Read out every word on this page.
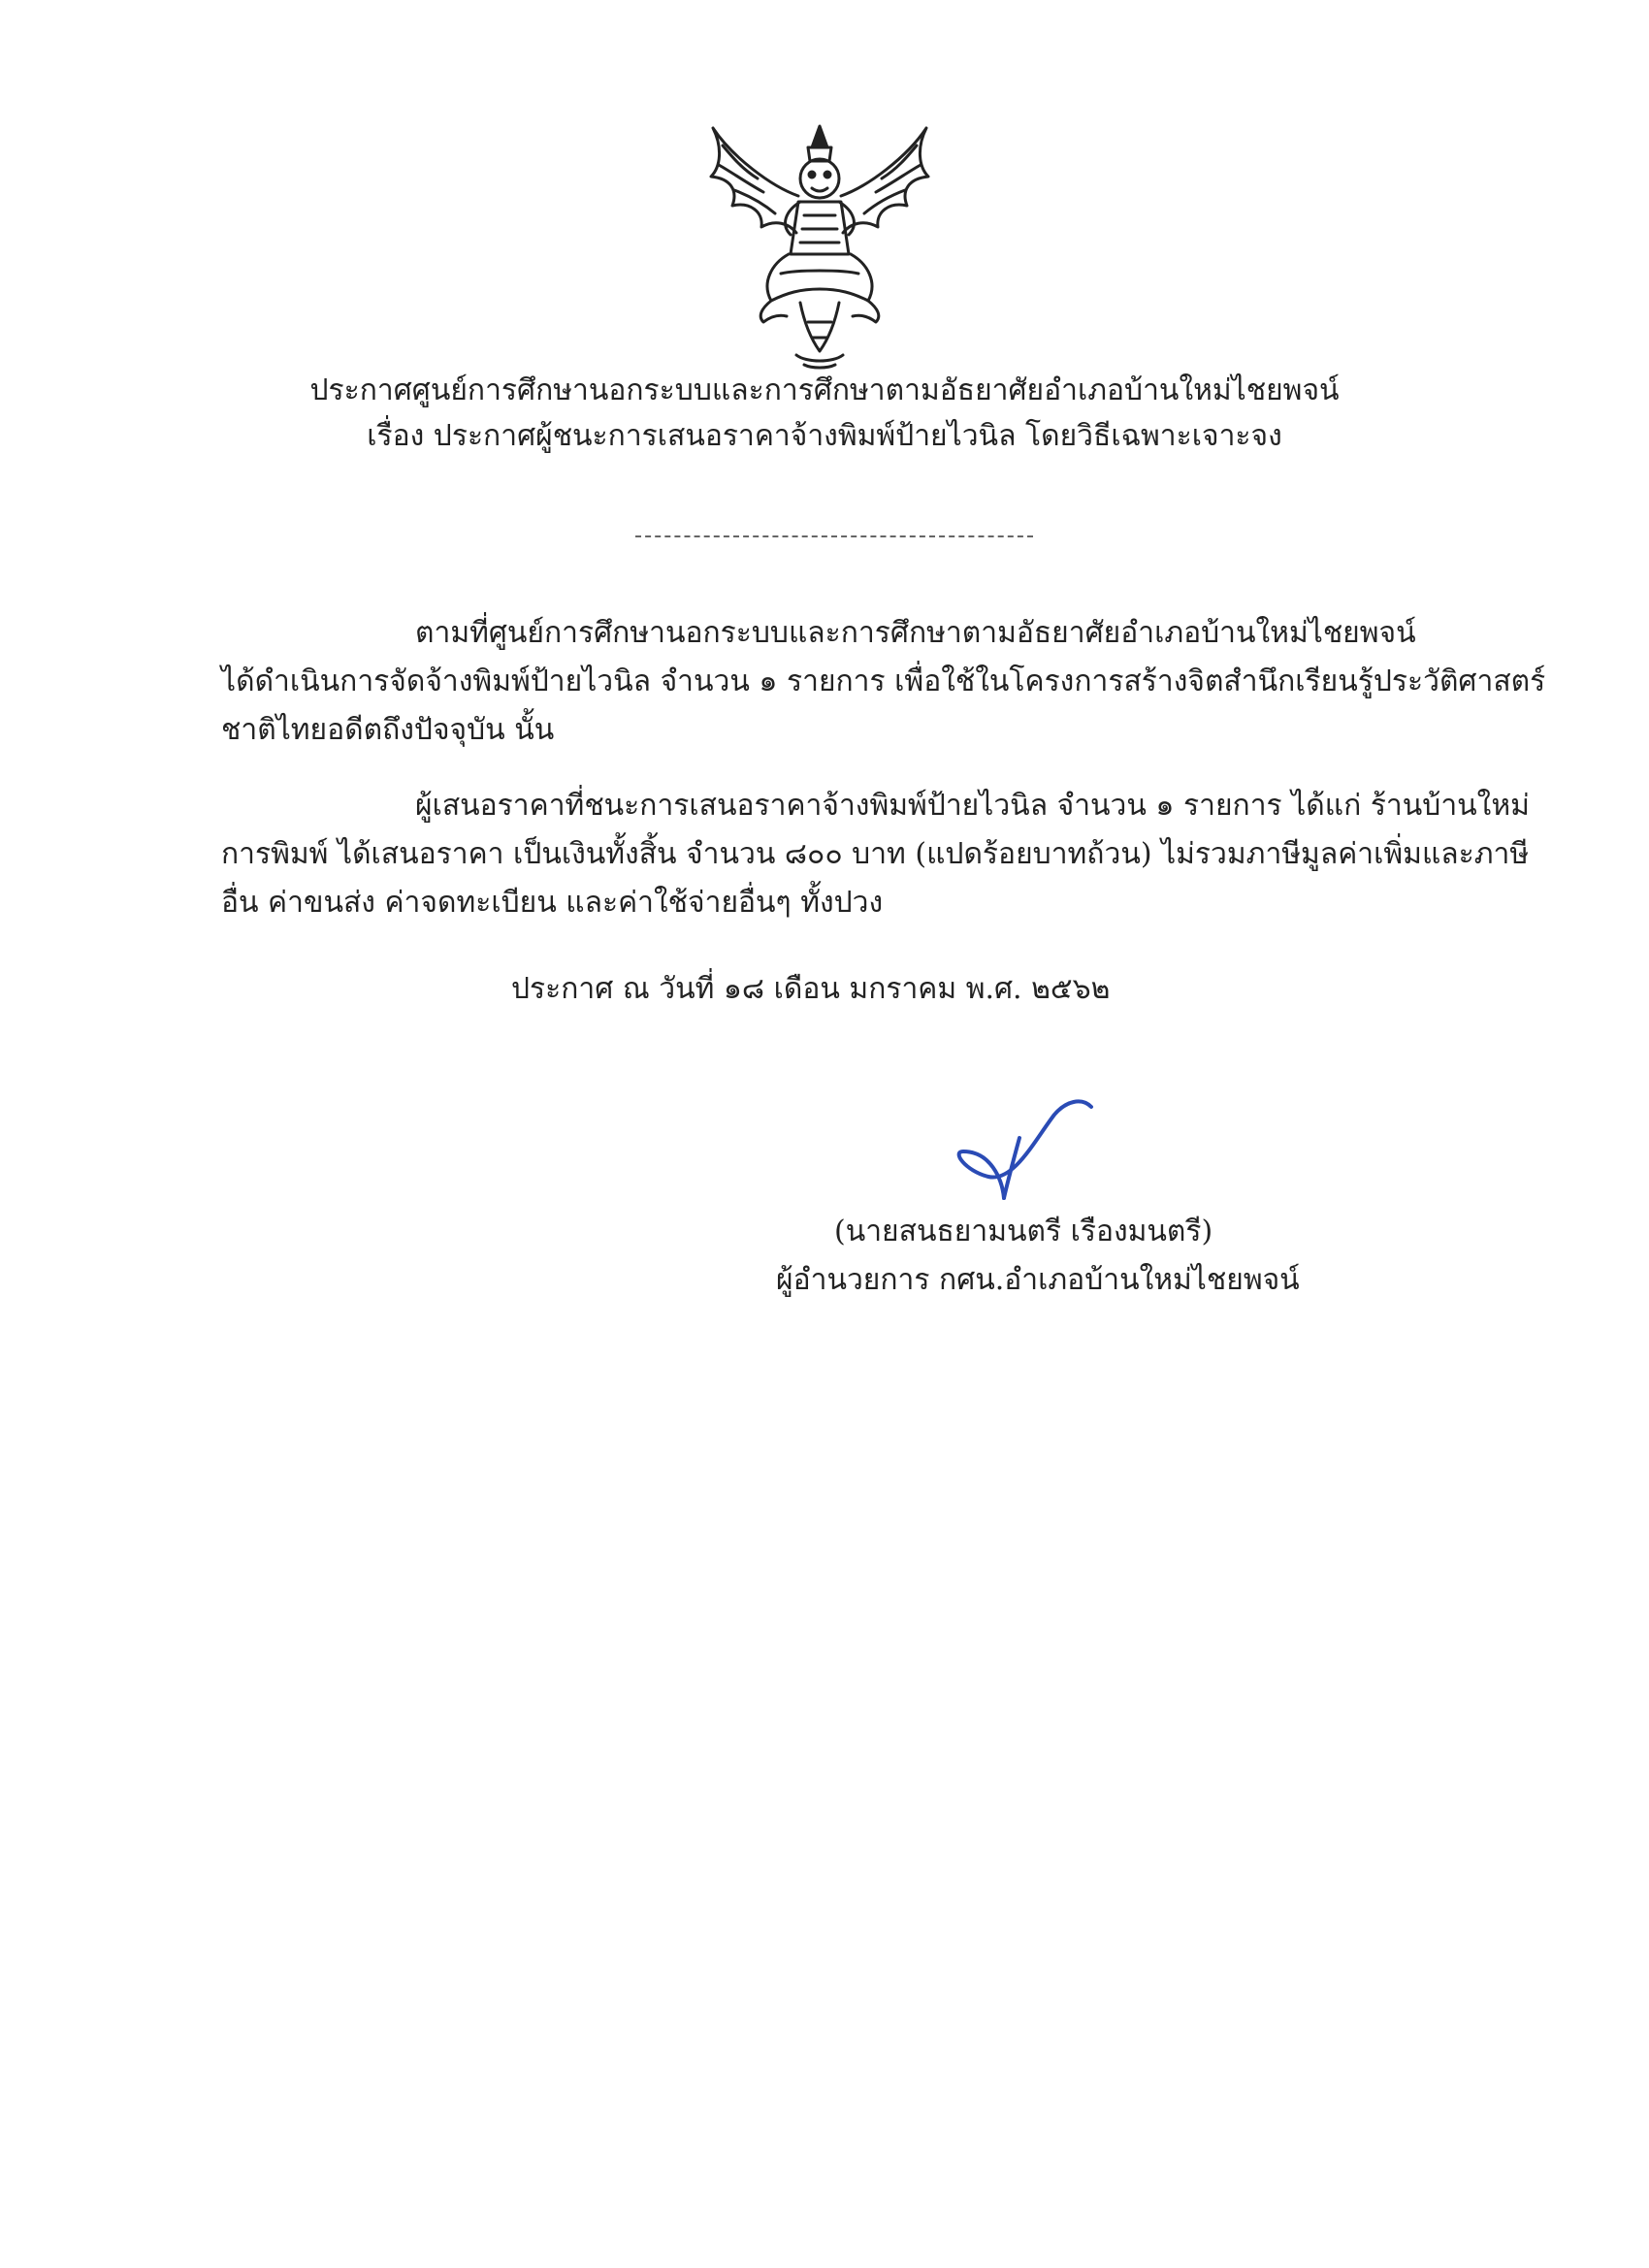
ประกาศศูนย์การศึกษานอกระบบและการศึกษาตามอัธยาศัยอำเภอบ้านใหม่ไชยพจน์
เรื่อง ประกาศผู้ชนะการเสนอราคาจ้างพิมพ์ป้ายไวนิล โดยวิธีเฉพาะเจาะจง
ตามที่ศูนย์การศึกษานอกระบบและการศึกษาตามอัธยาศัยอำเภอบ้านใหม่ไชยพจน์
ได้ดำเนินการจัดจ้างพิมพ์ป้ายไวนิล จำนวน ๑ รายการ เพื่อใช้ในโครงการสร้างจิตสำนึกเรียนรู้ประวัติศาสตร์
ชาติไทยอดีตถึงปัจจุบัน นั้น
ผู้เสนอราคาที่ชนะการเสนอราคาจ้างพิมพ์ป้ายไวนิล จำนวน ๑ รายการ ได้แก่ ร้านบ้านใหม่
การพิมพ์ ได้เสนอราคา เป็นเงินทั้งสิ้น จำนวน ๘๐๐ บาท (แปดร้อยบาทถ้วน) ไม่รวมภาษีมูลค่าเพิ่มและภาษี
อื่น ค่าขนส่ง ค่าจดทะเบียน และค่าใช้จ่ายอื่นๆ ทั้งปวง
ประกาศ ณ วันที่ ๑๘ เดือน มกราคม พ.ศ. ๒๕๖๒
(นายสนธยามนตรี เรืองมนตรี)
ผู้อำนวยการ กศน.อำเภอบ้านใหม่ไชยพจน์
